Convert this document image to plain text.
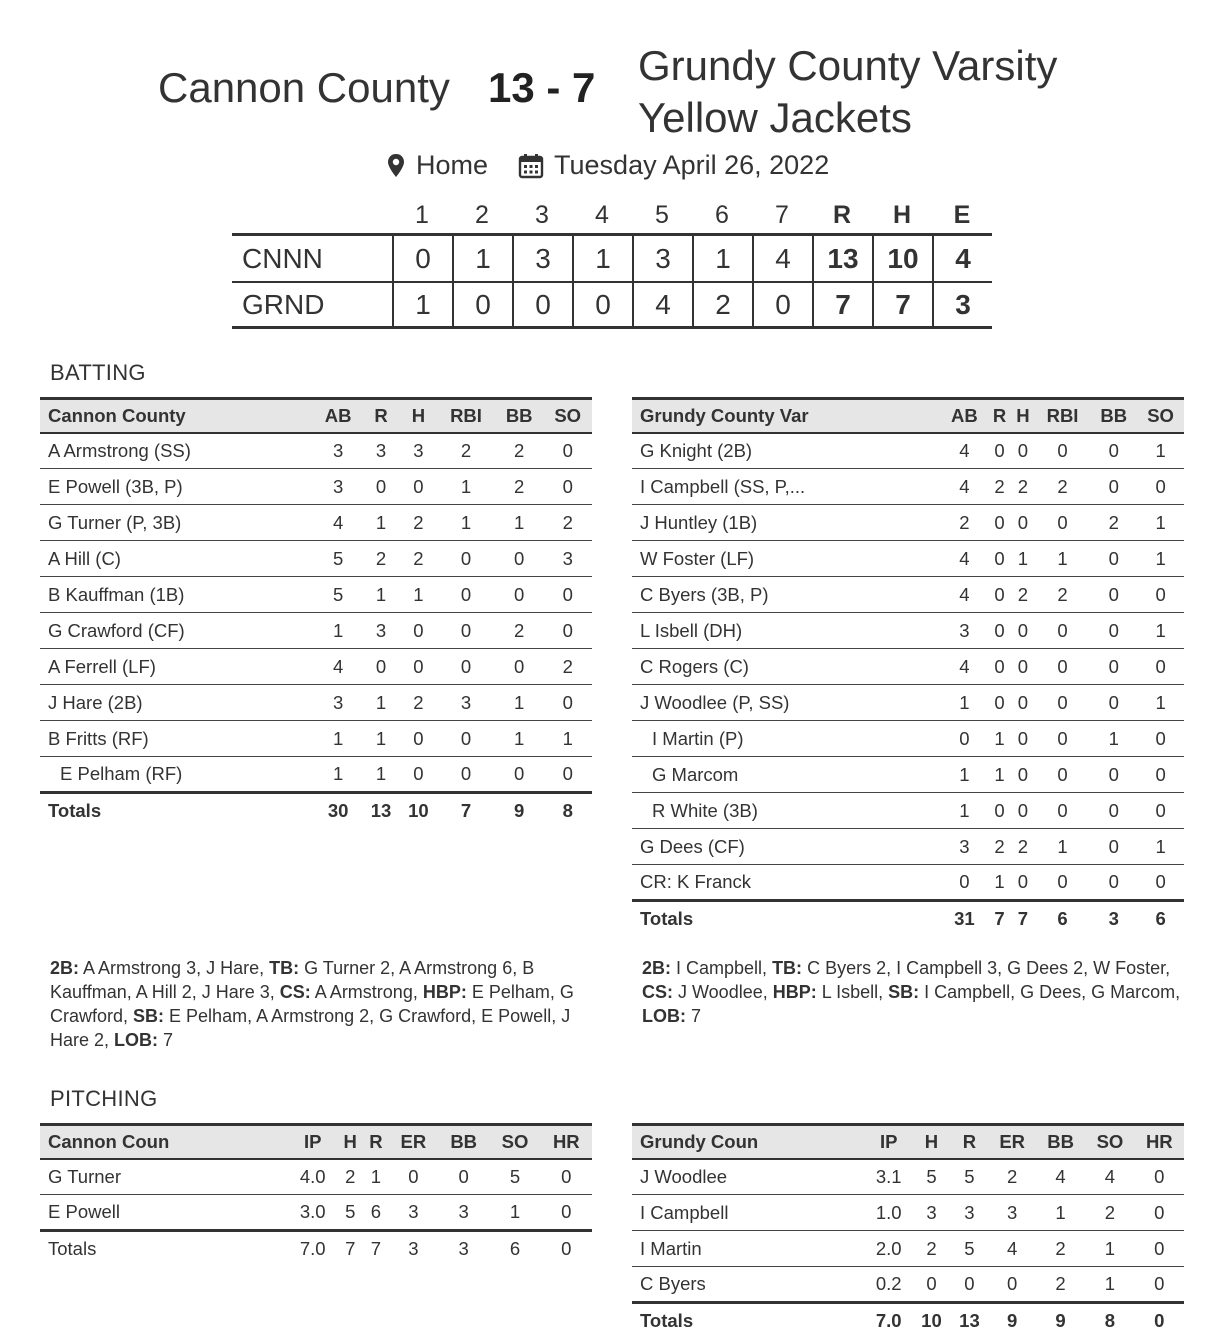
Cannon County 13 - 7 Grundy County Varsity Yellow Jackets
Home Tuesday April 26, 2022
1	2	3	4	5	6	7	R	H	E
CNNN	0	1	3	1	3	1	4	13	10	4
GRND	1	0	0	0	4	2	0	7	7	3
BATTING
Cannon County	AB	R	H	RBI	BB	SO
A Armstrong (SS)	3	3	3	2	2	0
E Powell (3B, P)	3	0	0	1	2	0
G Turner (P, 3B)	4	1	2	1	1	2
A Hill (C)	5	2	2	0	0	3
B Kauffman (1B)	5	1	1	0	0	0
G Crawford (CF)	1	3	0	0	2	0
A Ferrell (LF)	4	0	0	0	0	2
J Hare (2B)	3	1	2	3	1	0
B Fritts (RF)	1	1	0	0	1	1
E Pelham (RF)	1	1	0	0	0	0
Totals	30	13	10	7	9	8
Grundy County Var	AB	R	H	RBI	BB	SO
G Knight (2B)	4	0	0	0	0	1
I Campbell (SS, P,...	4	2	2	2	0	0
J Huntley (1B)	2	0	0	0	2	1
W Foster (LF)	4	0	1	1	0	1
C Byers (3B, P)	4	0	2	2	0	0
L Isbell (DH)	3	0	0	0	0	1
C Rogers (C)	4	0	0	0	0	0
J Woodlee (P, SS)	1	0	0	0	0	1
I Martin (P)	0	1	0	0	1	0
G Marcom	1	1	0	0	0	0
R White (3B)	1	0	0	0	0	0
G Dees (CF)	3	2	2	1	0	1
CR: K Franck	0	1	0	0	0	0
Totals	31	7	7	6	3	6
2B: A Armstrong 3, J Hare, TB: G Turner 2, A Armstrong 6, B Kauffman, A Hill 2, J Hare 3, CS: A Armstrong, HBP: E Pelham, G Crawford, SB: E Pelham, A Armstrong 2, G Crawford, E Powell, J Hare 2, LOB: 7
2B: I Campbell, TB: C Byers 2, I Campbell 3, G Dees 2, W Foster, CS: J Woodlee, HBP: L Isbell, SB: I Campbell, G Dees, G Marcom, LOB: 7
PITCHING
Cannon Coun	IP	H	R	ER	BB	SO	HR
G Turner	4.0	2	1	0	0	5	0
E Powell	3.0	5	6	3	3	1	0
Totals	7.0	7	7	3	3	6	0
Grundy Coun	IP	H	R	ER	BB	SO	HR
J Woodlee	3.1	5	5	2	4	4	0
I Campbell	1.0	3	3	3	1	2	0
I Martin	2.0	2	5	4	2	1	0
C Byers	0.2	0	0	0	2	1	0
Totals	7.0	10	13	9	9	8	0
